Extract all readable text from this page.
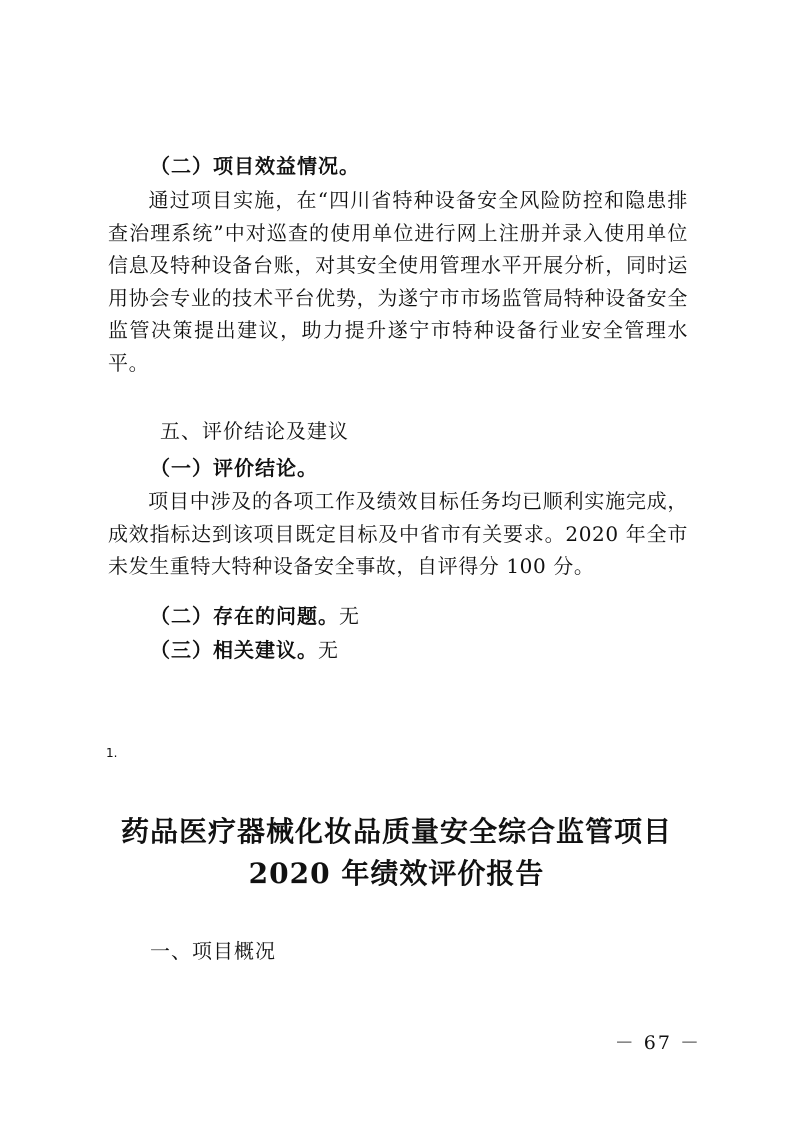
（二）项目效益情况。
通过项目实施，在“四川省特种设备安全风险防控和隐患排查治理系统”中对巡查的使用单位进行网上注册并录入使用单位信息及特种设备台账，对其安全使用管理水平开展分析，同时运用协会专业的技术平台优势，为遂宁市市场监管局特种设备安全监管决策提出建议，助力提升遂宁市特种设备行业安全管理水平。
五、评价结论及建议
（一）评价结论。
项目中涉及的各项工作及绩效目标任务均已顺利实施完成，成效指标达到该项目既定目标及中省市有关要求。2020 年全市未发生重特大特种设备安全事故，自评得分 100 分。
（二）存在的问题。无
（三）相关建议。无
1.
药品医疗器械化妆品质量安全综合监管项目
2020 年绩效评价报告
一、项目概况
－ 67 －
